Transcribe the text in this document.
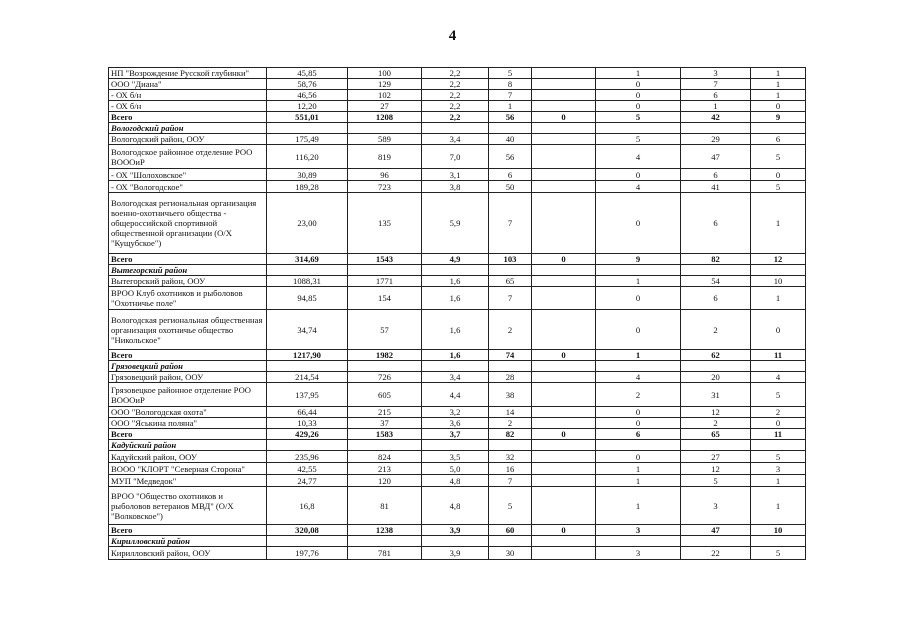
4
НП "Возрождение Русской глубинки"	45,85	100	2,2	5		1	3	1
ООО "Диана"	58,76	129	2,2	8		0	7	1
- ОХ б/н	46,56	102	2,2	7		0	6	1
- ОХ б/н	12,20	27	2,2	1		0	1	0
Всего	551,01	1208	2,2	56	0	5	42	9
Вологодский район								
Вологодский район, ООУ	175,49	589	3,4	40		5	29	6
Вологодское районное отделение РОО ВОООиР	116,20	819	7,0	56		4	47	5
- ОХ "Шолоховское"	30,89	96	3,1	6		0	6	0
- ОХ "Вологодское"	189,28	723	3,8	50		4	41	5
Вологодская региональная организация военно-охотничьего общества - общероссийской спортивной общественной организации (О/Х "Кущубское")	23,00	135	5,9	7		0	6	1
Всего	314,69	1543	4,9	103	0	9	82	12
Вытегорский район								
Вытегорский район, ООУ	1088,31	1771	1,6	65		1	54	10
ВРОО Клуб охотников и рыболовов "Охотничье поле"	94,85	154	1,6	7		0	6	1
Вологодская региональная общественная организация охотничье общество "Никольское"	34,74	57	1,6	2		0	2	0
Всего	1217,90	1982	1,6	74	0	1	62	11
Грязовецкий район								
Грязовецкий район, ООУ	214,54	726	3,4	28		4	20	4
Грязовецкое районное отделение РОО ВОООиР	137,95	605	4,4	38		2	31	5
ООО "Вологодская охота"	66,44	215	3,2	14		0	12	2
ООО "Яськина поляна"	10,33	37	3,6	2		0	2	0
Всего	429,26	1583	3,7	82	0	6	65	11
Кадуйский район								
Кадуйский район, ООУ	235,96	824	3,5	32		0	27	5
ВООО "КЛОРТ "Северная Сторона"	42,55	213	5,0	16		1	12	3
МУП "Медведок"	24,77	120	4,8	7		1	5	1
ВРОО "Общество охотников и рыболовов ветеранов МВД" (О/Х "Волковское")	16,8	81	4,8	5		1	3	1
Всего	320,08	1238	3,9	60	0	3	47	10
Кирилловский район								
Кирилловский район, ООУ	197,76	781	3,9	30		3	22	5
